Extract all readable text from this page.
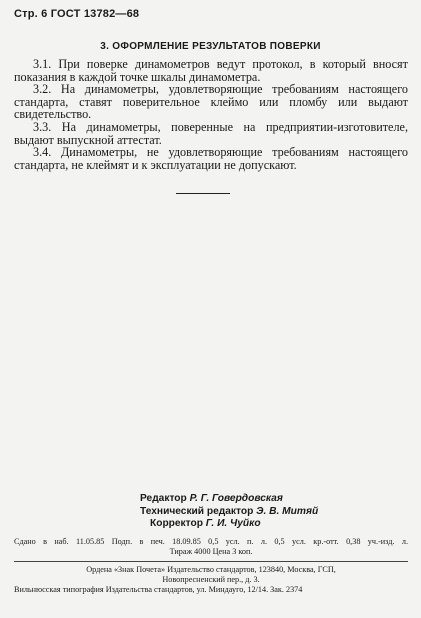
Стр. 6 ГОСТ 13782—68
3. ОФОРМЛЕНИЕ РЕЗУЛЬТАТОВ ПОВЕРКИ

3.1. При поверке динамометров ведут протокол, в который вносят показания в каждой точке шкалы динамометра.

3.2. На динамометры, удовлетворяющие требованиям настоящего стандарта, ставят поверительное клеймо или пломбу или выдают свидетельство.

3.3. На динамометры, поверенные на предприятии-изготовителе, выдают выпускной аттестат.

3.4. Динамометры, не удовлетворяющие требованиям настоящего стандарта, не клеймят и к эксплуатации не допускают.

Редактор Р. Г. Говердовская
Технический редактор Э. В. Митяй
Корректор Г. И. Чуйко
Сдано в наб. 11.05.85 Подп. в печ. 18.09.85 0,5 усл. п. л. 0,5 усл. кр.-отт. 0,38 уч.-изд. л.
Тираж 4000 Цена 3 коп.
Ордена «Знак Почета» Издательство стандартов, 123840, Москва, ГСП,
Новопресненский пер., д. 3.
Вильнюсская типография Издательства стандартов, ул. Миндауго, 12/14. Зак. 2374
